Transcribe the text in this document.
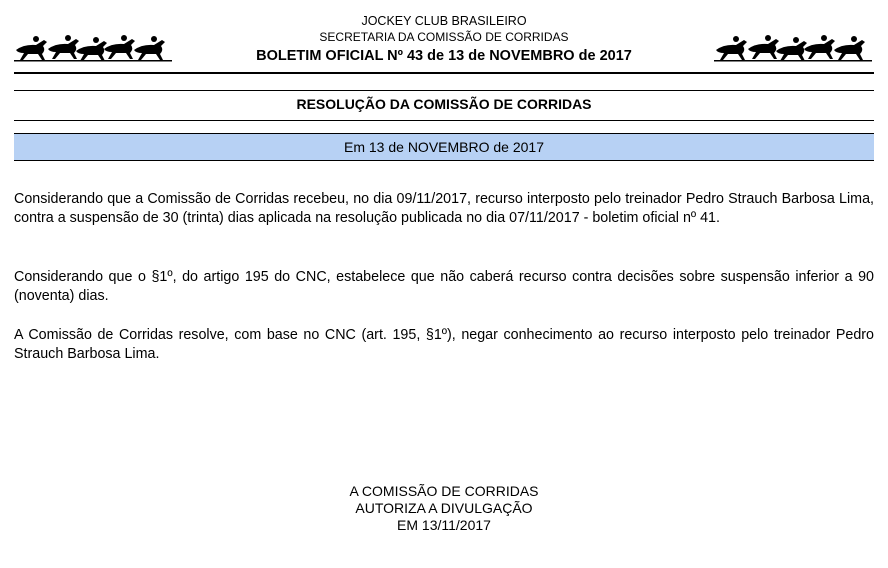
JOCKEY CLUB BRASILEIRO
SECRETARIA DA COMISSÃO DE CORRIDAS
BOLETIM OFICIAL Nº 43 de 13 de NOVEMBRO de 2017
RESOLUÇÃO DA COMISSÃO DE CORRIDAS
Em 13 de NOVEMBRO de 2017
Considerando que a Comissão de Corridas recebeu, no dia 09/11/2017, recurso interposto pelo treinador Pedro Strauch Barbosa Lima, contra a suspensão de 30 (trinta) dias aplicada na resolução publicada no dia 07/11/2017 - boletim oficial nº 41.
Considerando que o §1º, do artigo 195 do CNC, estabelece que não caberá recurso contra decisões sobre suspensão inferior a 90 (noventa) dias.
A Comissão de Corridas resolve, com base no CNC (art. 195, §1º), negar conhecimento ao recurso interposto pelo treinador Pedro Strauch Barbosa Lima.
A COMISSÃO DE CORRIDAS
AUTORIZA A DIVULGAÇÃO
EM 13/11/2017
